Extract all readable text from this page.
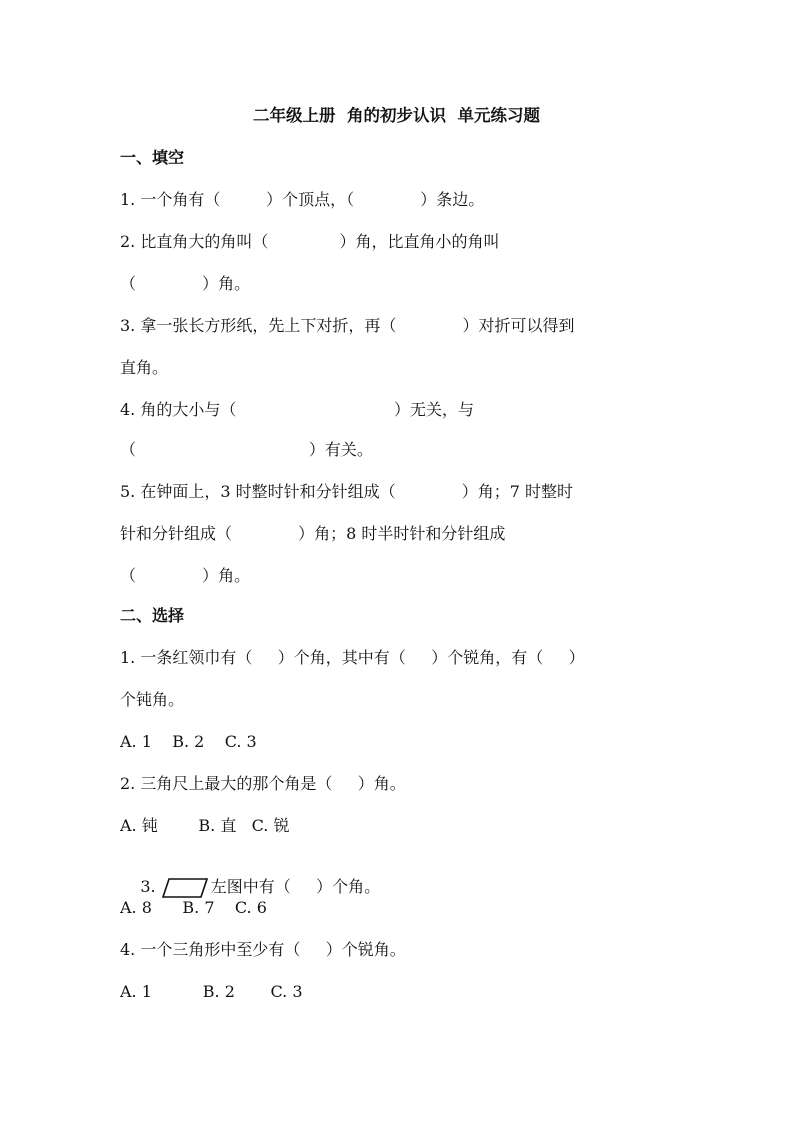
二年级上册  角的初步认识  单元练习题
一、填空
1. 一个角有（         ）个顶点，（             ）条边。
2. 比直角大的角叫（              ）角，比直角小的角叫
（             ）角。
3. 拿一张长方形纸，先上下对折，再（             ）对折可以得到
直角。
4. 角的大小与（                               ）无关，与
（                                  ）有关。
5. 在钟面上，3 时整时针和分针组成（             ）角；7 时整时
针和分针组成（             ）角；8 时半时针和分针组成
（             ）角。
二、选择
1. 一条红领巾有（     ）个角，其中有（     ）个锐角，有（     ）
个钝角。
A. 1    B. 2    C. 3
2. 三角尺上最大的那个角是（     ）角。
A. 钝        B. 直   C. 锐

3.	左图中有（     ）个角。

A. 8      B. 7    C. 6
4. 一个三角形中至少有（     ）个锐角。
A. 1          B. 2       C. 3
